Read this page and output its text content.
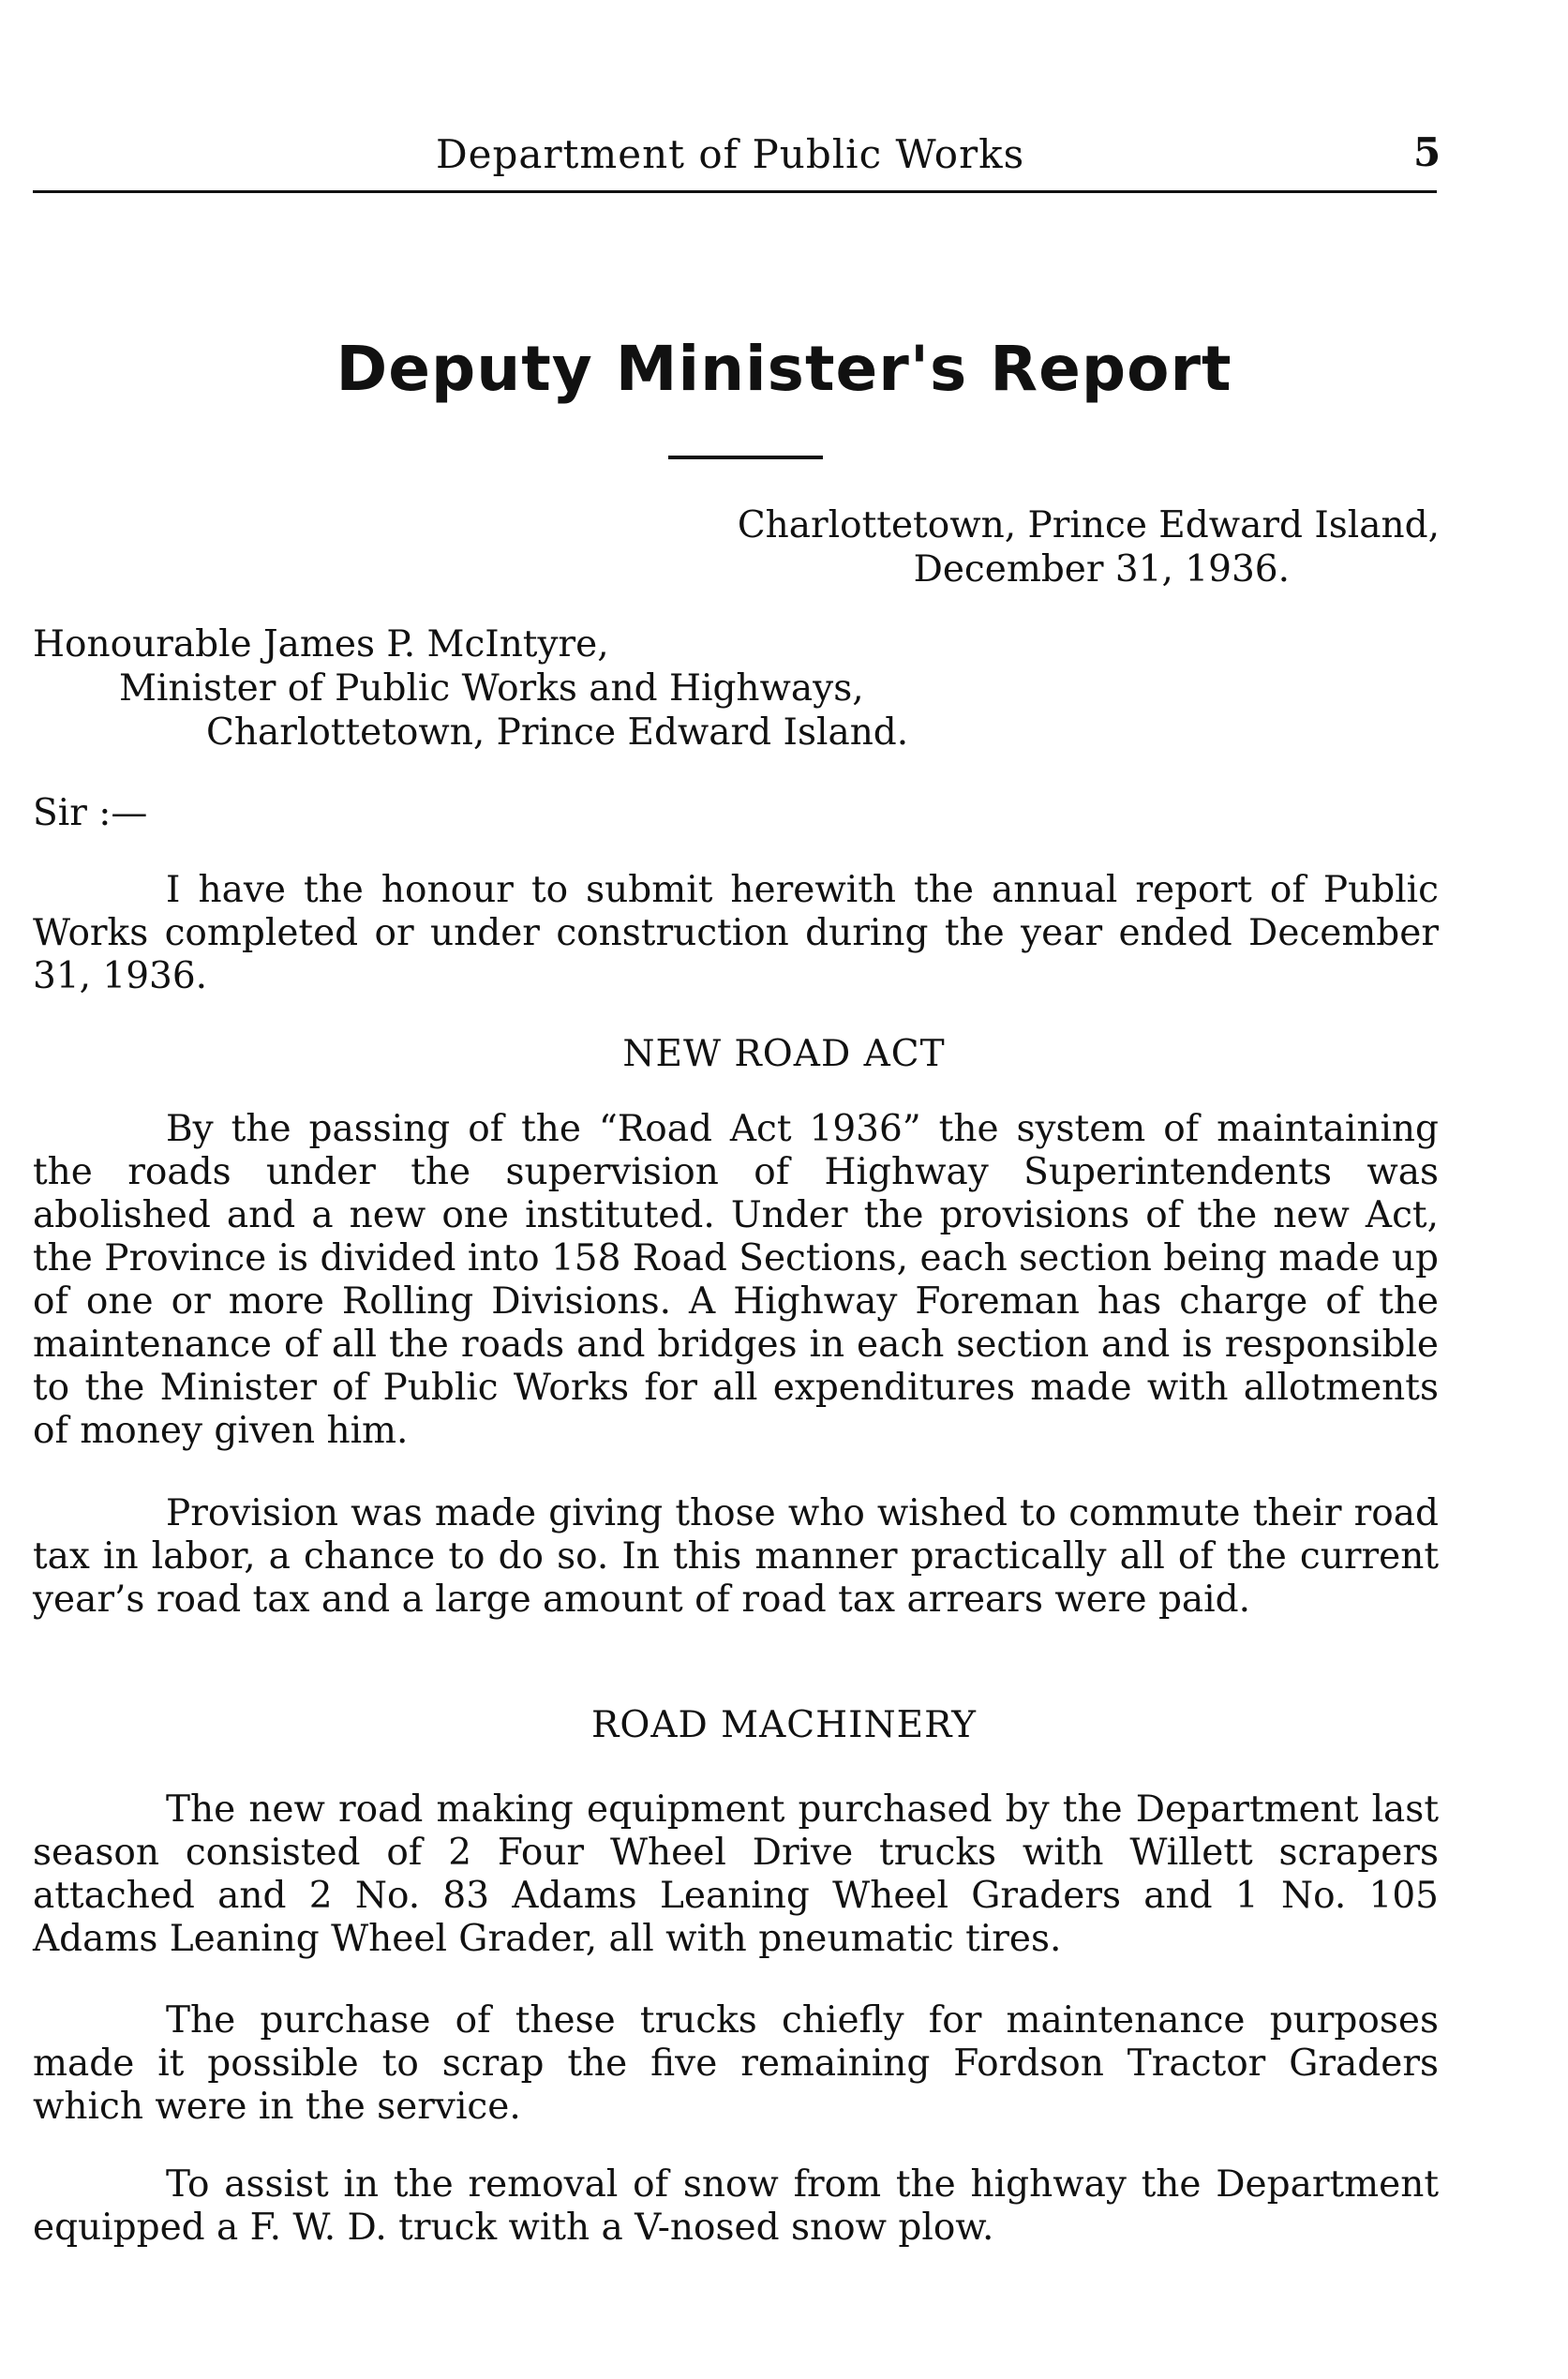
Department of Public Works	5
Deputy Minister's Report
Charlottetown, Prince Edward Island,
December 31, 1936.
Honourable James P. McIntyre,
Minister of Public Works and Highways,
Charlottetown, Prince Edward Island.
Sir :—

I have the honour to submit herewith the annual report of Public Works completed or under construction during the year ended December 31, 1936.

NEW ROAD ACT

By the passing of the “Road Act 1936” the system of maintaining the roads under the supervision of Highway Superintendents was abolished and a new one instituted. Under the provisions of the new Act, the Province is divided into 158 Road Sections, each section being made up of one or more Rolling Divisions. A Highway Foreman has charge of the maintenance of all the roads and bridges in each section and is responsible to the Minister of Public Works for all expenditures made with allotments of money given him.

Provision was made giving those who wished to commute their road tax in labor, a chance to do so. In this manner practically all of the current year’s road tax and a large amount of road tax arrears were paid.

ROAD MACHINERY

The new road making equipment purchased by the Department last season consisted of 2 Four Wheel Drive trucks with Willett scrapers attached and 2 No. 83 Adams Leaning Wheel Graders and 1 No. 105 Adams Leaning Wheel Grader, all with pneumatic tires.

The purchase of these trucks chiefly for maintenance purposes made it possible to scrap the five remaining Fordson Tractor Graders which were in the service.

To assist in the removal of snow from the highway the Department equipped a F. W. D. truck with a V-nosed snow plow.
